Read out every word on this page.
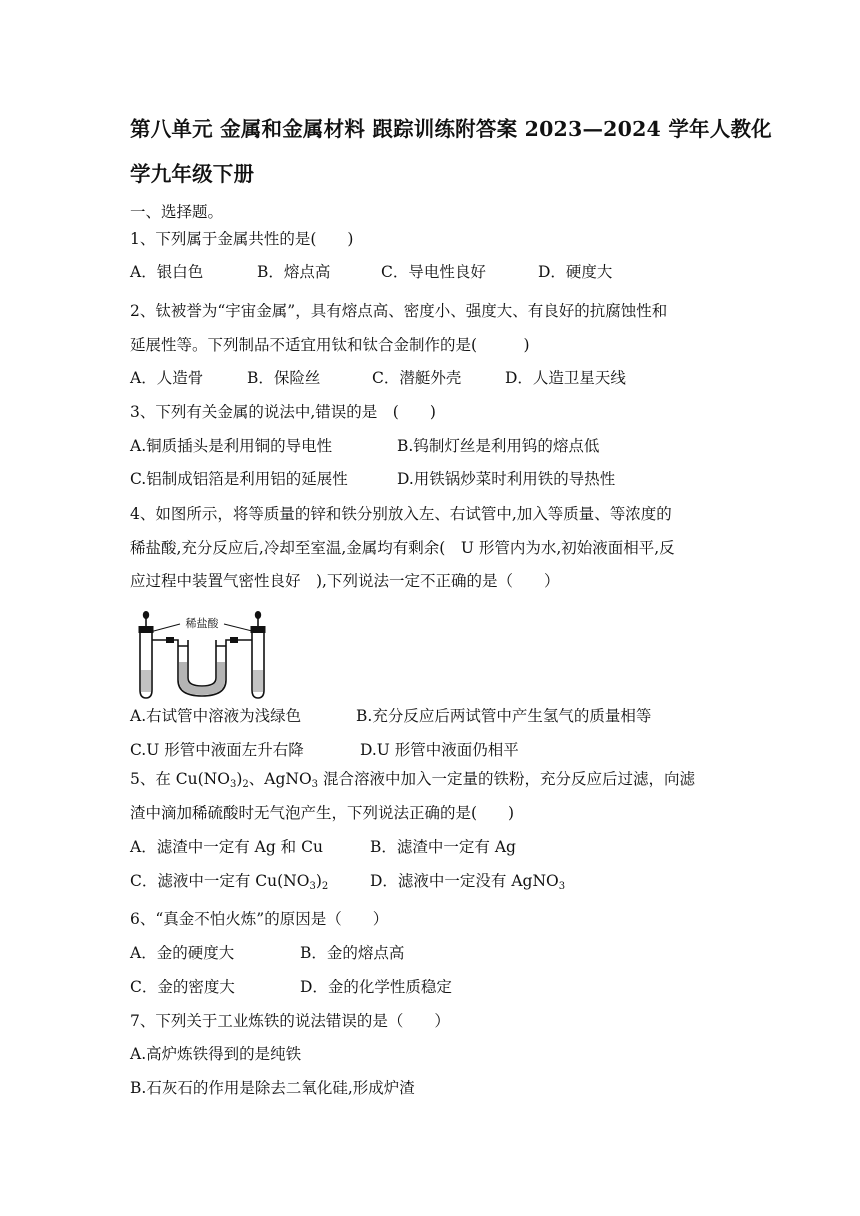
第八单元 金属和金属材料 跟踪训练附答案 2023—2024 学年人教化
学九年级下册
一、选择题。
1、下列属于金属共性的是(　　)
A．银白色	B．熔点高	C．导电性良好	D．硬度大
2、钛被誉为“宇宙金属”，具有熔点高、密度小、强度大、有良好的抗腐蚀性和
延展性等。下列制品不适宜用钛和钛合金制作的是(　　　)
A．人造骨	B．保险丝	C．潜艇外壳	D．人造卫星天线
3、下列有关金属的说法中,错误的是　(　　)
A.铜质插头是利用铜的导电性	B.钨制灯丝是利用钨的熔点低
C.铝制成铝箔是利用铝的延展性	D.用铁锅炒菜时利用铁的导热性
4、如图所示，将等质量的锌和铁分别放入左、右试管中,加入等质量、等浓度的
稀盐酸,充分反应后,冷却至室温,金属均有剩余(　U 形管内为水,初始液面相平,反
应过程中装置气密性良好　),下列说法一定不正确的是（　　）
稀盐酸
A.右试管中溶液为浅绿色	B.充分反应后两试管中产生氢气的质量相等
C.U 形管中液面左升右降	D.U 形管中液面仍相平
5、在 $Cu(NO_3)_2$、AgNO$_3$ 混合溶液中加入一定量的铁粉，充分反应后过滤，向滤
渣中滴加稀硫酸时无气泡产生，下列说法正确的是(　　)
A．滤渣中一定有 Ag 和 Cu	B．滤渣中一定有 Ag
C．滤液中一定有 $Cu(NO_3)_2$	D．滤液中一定没有 AgNO$_3$
6、“真金不怕火炼”的原因是（　　）
A．金的硬度大	B．金的熔点高
C．金的密度大	D．金的化学性质稳定
7、下列关于工业炼铁的说法错误的是（　　）
A.高炉炼铁得到的是纯铁
B.石灰石的作用是除去二氧化硅,形成炉渣
